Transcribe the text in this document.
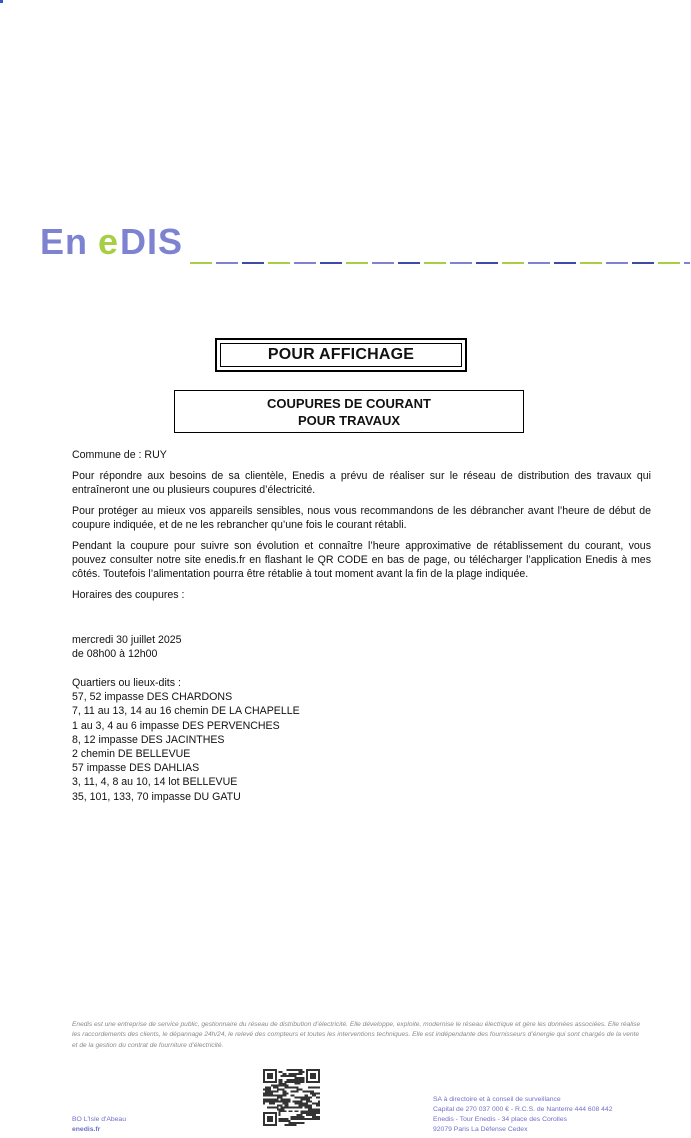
En e DIS
POUR AFFICHAGE
COUPURES DE COURANT
POUR TRAVAUX

Commune de : RUY

Pour répondre aux besoins de sa clientèle, Enedis a prévu de réaliser sur le réseau de distribution des travaux qui entraîneront une ou plusieurs coupures d’électricité.

Pour protéger au mieux vos appareils sensibles, nous vous recommandons de les débrancher avant l’heure de début de coupure indiquée, et de ne les rebrancher qu’une fois le courant rétabli.

Pendant la coupure pour suivre son évolution et connaître l’heure approximative de rétablissement du courant, vous pouvez consulter notre site enedis.fr en flashant le QR CODE en bas de page, ou télécharger l’application Enedis à mes côtés. Toutefois l’alimentation pourra être rétablie à tout moment avant la fin de la plage indiquée.

Horaires des coupures :

mercredi 30 juillet 2025
de 08h00 à 12h00
Quartiers ou lieux-dits :
57, 52 impasse DES CHARDONS
7, 11 au 13, 14 au 16 chemin DE LA CHAPELLE
1 au 3, 4 au 6 impasse DES PERVENCHES
8, 12 impasse DES JACINTHES
2 chemin DE BELLEVUE
57 impasse DES DAHLIAS
3, 11, 4, 8 au 10, 14 lot BELLEVUE
35, 101, 133, 70 impasse DU GATU
Enedis est une entreprise de service public, gestionnaire du réseau de distribution d’électricité. Elle développe, exploite, modernise le réseau électrique et gère les données associées. Elle réalise les raccordements des clients, le dépannage 24h/24, le relevé des compteurs et toutes les interventions techniques. Elle est indépendante des fournisseurs d’énergie qui sont chargés de la vente et de la gestion du contrat de fourniture d’électricité.
BO L'Isle d'Abeau
enedis.fr
SA à directoire et à conseil de surveillance
Capital de 270 037 000 € - R.C.S. de Nanterre 444 608 442
Enedis - Tour Enedis - 34 place des Corolles
92079 Paris La Défense Cedex
